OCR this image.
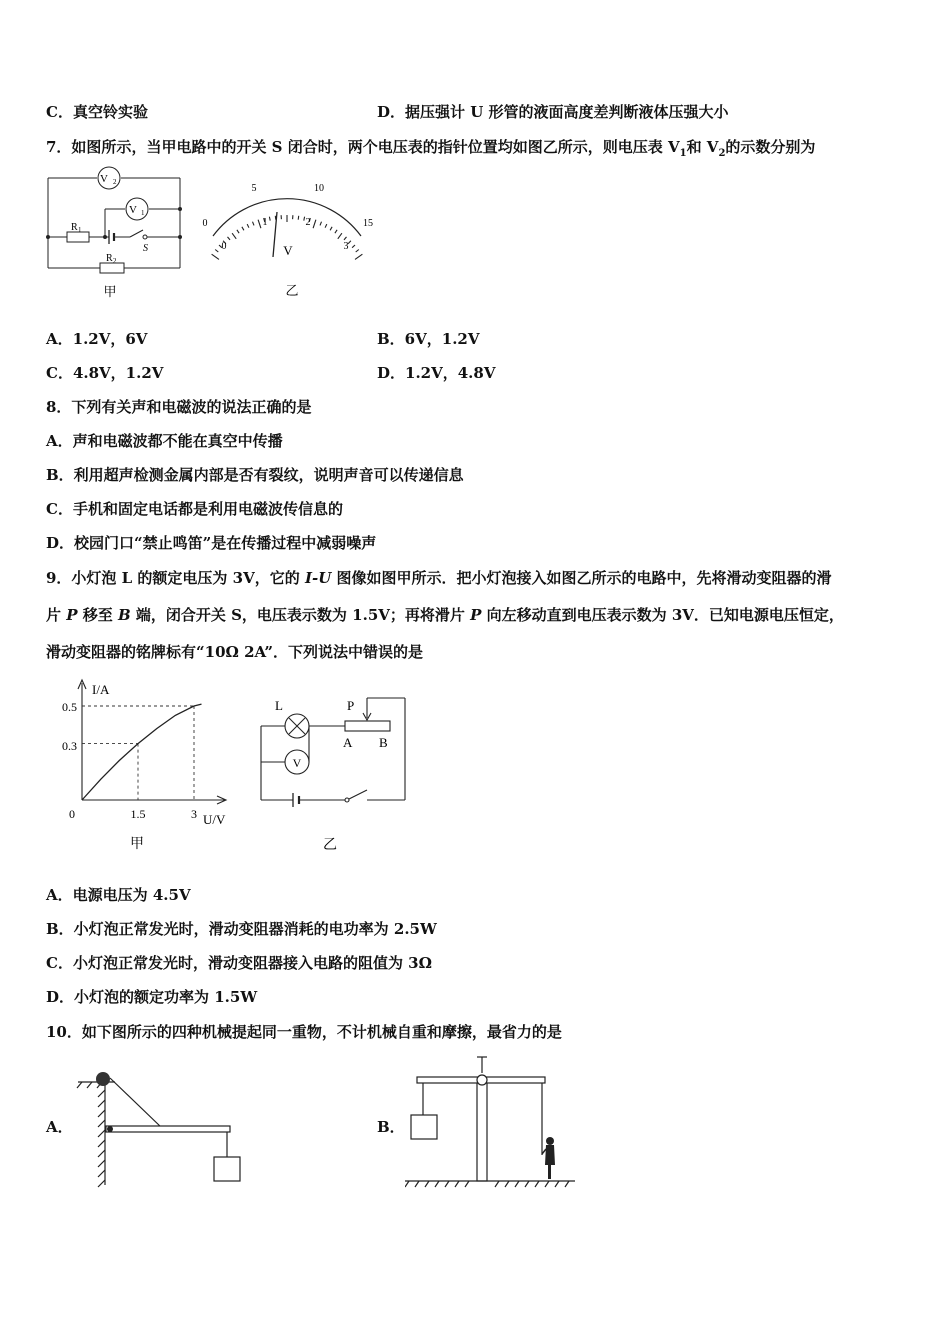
C．真空铃实验	D．据压强计 U 形管的液面高度差判断液体压强大小
7．如图所示，当甲电路中的开关 S 闭合时，两个电压表的指针位置均如图乙所示，则电压表 $V_1$和 $V_2$的示数分别为
V 2
V 1
R 1
R 2
S
甲
0
5	10
15
0
1	2
3
V
乙
A．1.2V，6V	B．6V，1.2V
C．4.8V，1.2V	D．1.2V，4.8V
8．下列有关声和电磁波的说法正确的是
A．声和电磁波都不能在真空中传播
B．利用超声检测金属内部是否有裂纹，说明声音可以传递信息
C．手机和固定电话都是利用电磁波传信息的
D．校园门口“禁止鸣笛”是在传播过程中减弱噪声
9．小灯泡 L 的额定电压为 3V，它的 I-U 图像如图甲所示．把小灯泡接入如图乙所示的电路中，先将滑动变阻器的滑
片 P 移至 B 端，闭合开关 S，电压表示数为 1.5V；再将滑片 P 向左移动直到电压表示数为 3V．已知电源电压恒定，
滑动变阻器的铭牌标有“10Ω 2A”．下列说法中错误的是
I/A
U/V
0.5
0.3
0	1.5	3
甲
L	P
A B
V
乙
A．电源电压为 4.5V
B．小灯泡正常发光时，滑动变阻器消耗的电功率为 2.5W
C．小灯泡正常发光时，滑动变阻器接入电路的阻值为 3Ω
D．小灯泡的额定功率为 1.5W
10．如下图所示的四种机械提起同一重物，不计机械自重和摩擦，最省力的是
A．	B．
